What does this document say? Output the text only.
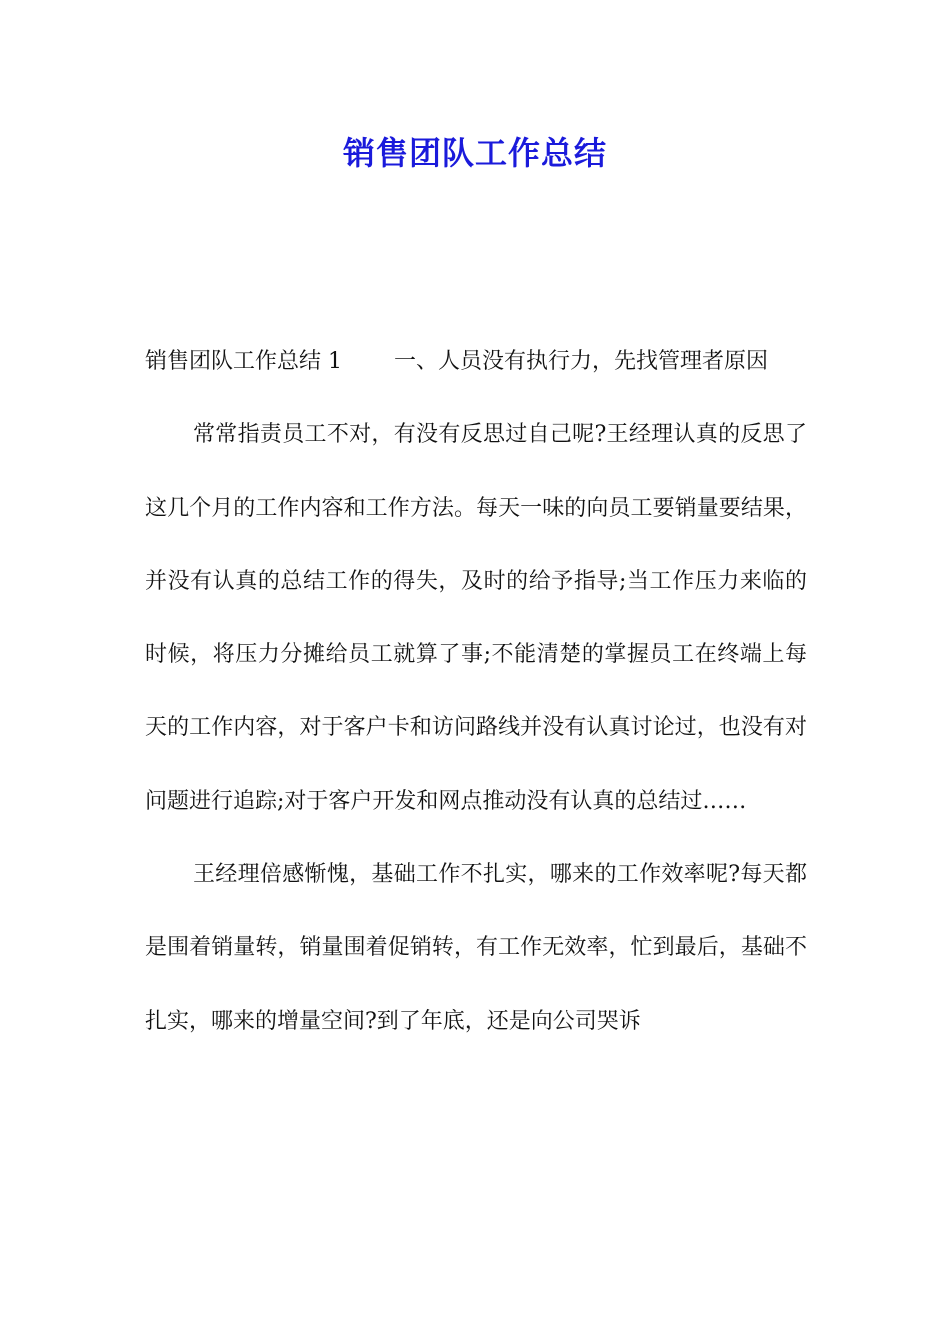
销售团队工作总结

销售团队工作总结 1 一、人员没有执行力，先找管理者原因

常常指责员工不对，有没有反思过自己呢?王经理认真的反思了这几个月的工作内容和工作方法。每天一味的向员工要销量要结果，并没有认真的总结工作的得失，及时的给予指导;当工作压力来临的时候，将压力分摊给员工就算了事;不能清楚的掌握员工在终端上每天的工作内容，对于客户卡和访问路线并没有认真讨论过，也没有对问题进行追踪;对于客户开发和网点推动没有认真的总结过……

王经理倍感惭愧，基础工作不扎实，哪来的工作效率呢?每天都是围着销量转，销量围着促销转，有工作无效率，忙到最后，基础不扎实，哪来的增量空间?到了年底，还是向公司哭诉
